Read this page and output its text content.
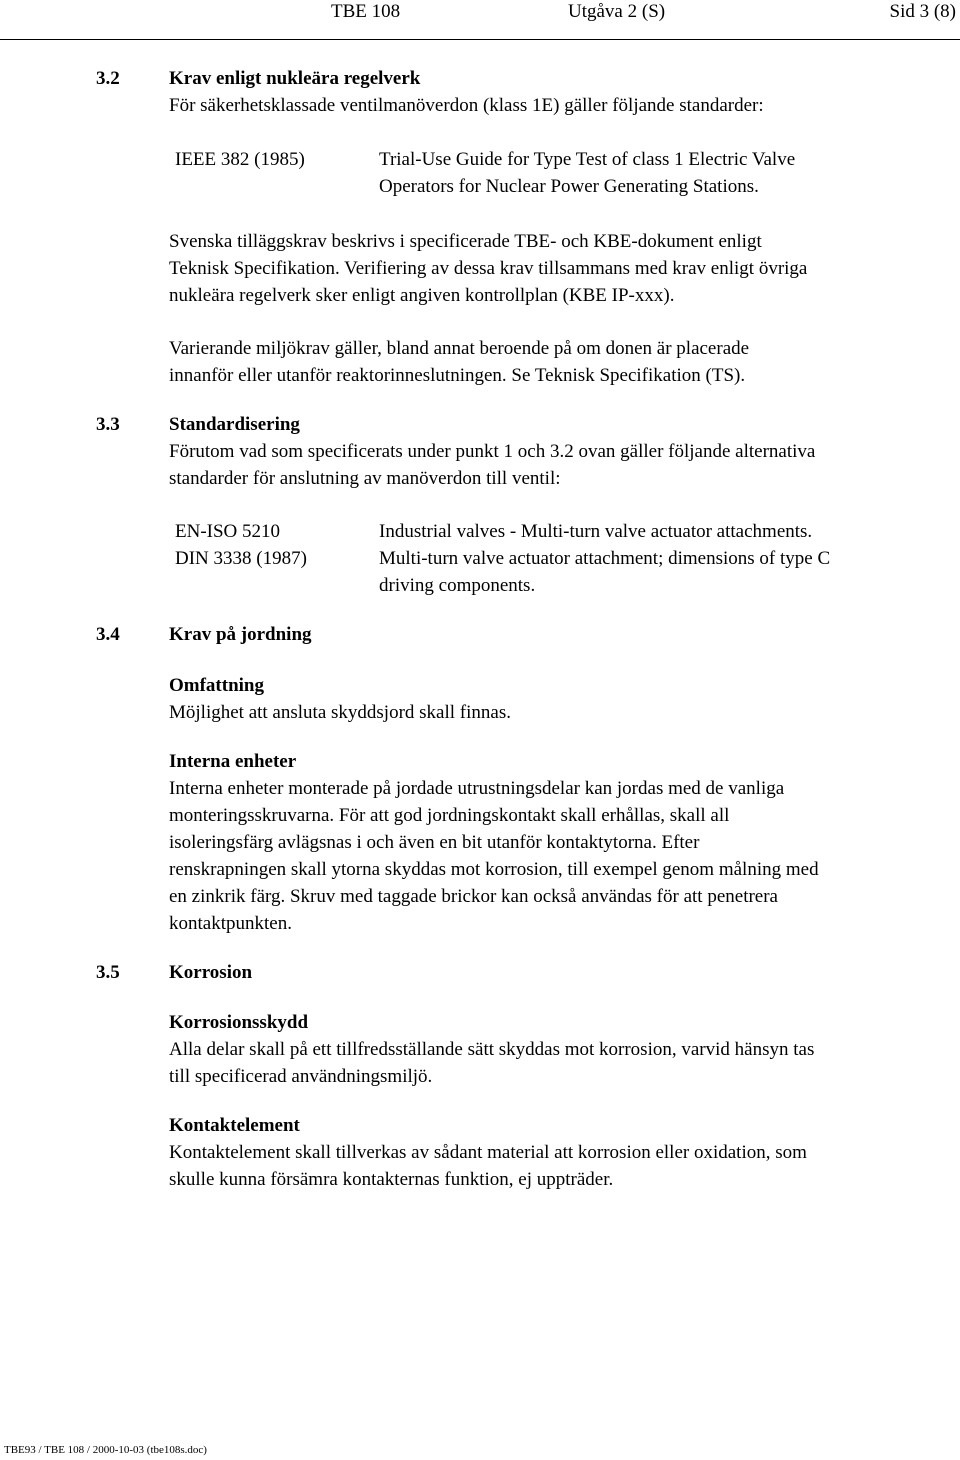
TBE 108	Utgåva 2 (S)	Sid 3 (8)
3.2	Krav enligt nukleära regelverk
För säkerhetsklassade ventilmanöverdon (klass 1E) gäller följande standarder:
IEEE 382 (1985)	Trial-Use Guide for Type Test of class 1 Electric Valve
Operators for Nuclear Power Generating Stations.
Svenska tilläggskrav beskrivs i specificerade TBE- och KBE-dokument enligt
Teknisk Specifikation. Verifiering av dessa krav tillsammans med krav enligt övriga
nukleära regelverk sker enligt angiven kontrollplan (KBE IP-xxx).
Varierande miljökrav gäller, bland annat beroende på om donen är placerade
innanför eller utanför reaktorinneslutningen. Se Teknisk Specifikation (TS).
3.3	Standardisering
Förutom vad som specificerats under punkt 1 och 3.2 ovan gäller följande alternativa
standarder för anslutning av manöverdon till ventil:
EN-ISO 5210	Industrial valves - Multi-turn valve actuator attachments.
DIN 3338 (1987)	Multi-turn valve actuator attachment; dimensions of type C
driving components.
3.4	Krav på jordning
Omfattning
Möjlighet att ansluta skyddsjord skall finnas.
Interna enheter
Interna enheter monterade på jordade utrustningsdelar kan jordas med de vanliga
monteringsskruvarna. För att god jordningskontakt skall erhållas, skall all
isoleringsfärg avlägsnas i och även en bit utanför kontaktytorna. Efter
renskrapningen skall ytorna skyddas mot korrosion, till exempel genom målning med
en zinkrik färg. Skruv med taggade brickor kan också användas för att penetrera
kontaktpunkten.
3.5	Korrosion
Korrosionsskydd
Alla delar skall på ett tillfredsställande sätt skyddas mot korrosion, varvid hänsyn tas
till specificerad användningsmiljö.
Kontaktelement
Kontaktelement skall tillverkas av sådant material att korrosion eller oxidation, som
skulle kunna försämra kontakternas funktion, ej uppträder.
TBE93 / TBE 108 / 2000-10-03 (tbe108s.doc)
